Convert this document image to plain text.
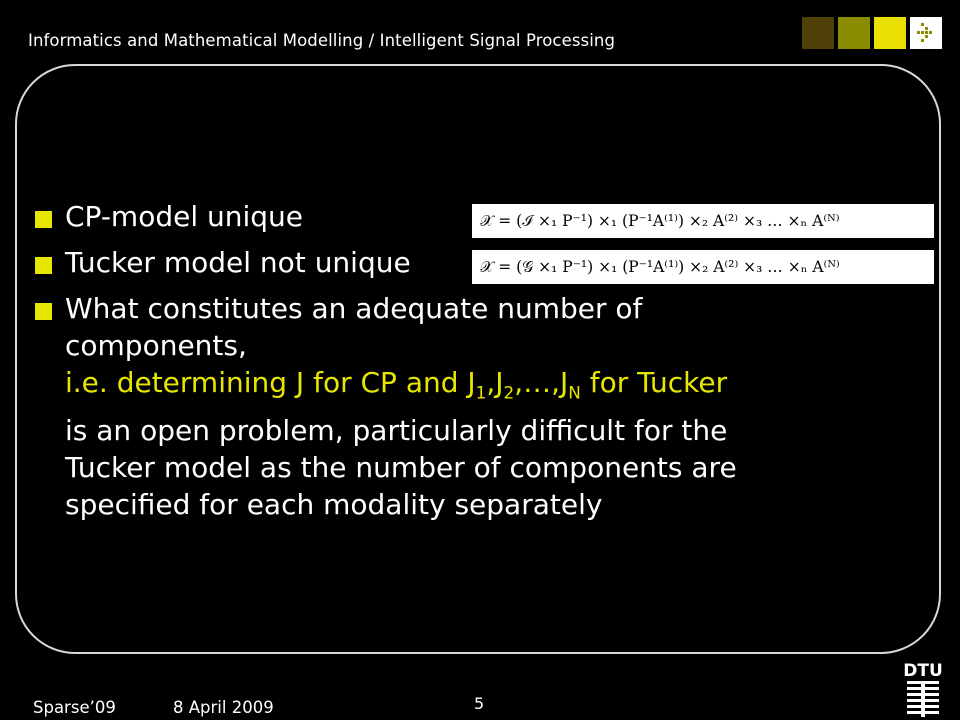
Informatics and Mathematical Modelling / Intelligent Signal Processing
𝒳 = (ℐ ×₁ P⁻¹) ×₁ (P⁻¹A⁽¹⁾) ×₂ A⁽²⁾ ×₃ … ×ₙ A⁽ᴺ⁾
𝒳 = (𝒢 ×₁ P⁻¹) ×₁ (P⁻¹A⁽¹⁾) ×₂ A⁽²⁾ ×₃ … ×ₙ A⁽ᴺ⁾
CP-model unique
Tucker model not unique
What constitutes an adequate number of
components,
i.e. determining J for CP and $J_1,J_2,\dots,J_N$ for Tucker
is an open problem, particularly difficult for the
Tucker model as the number of components are
specified for each modality separately
Sparse’09	8 April 2009	5
DTU
